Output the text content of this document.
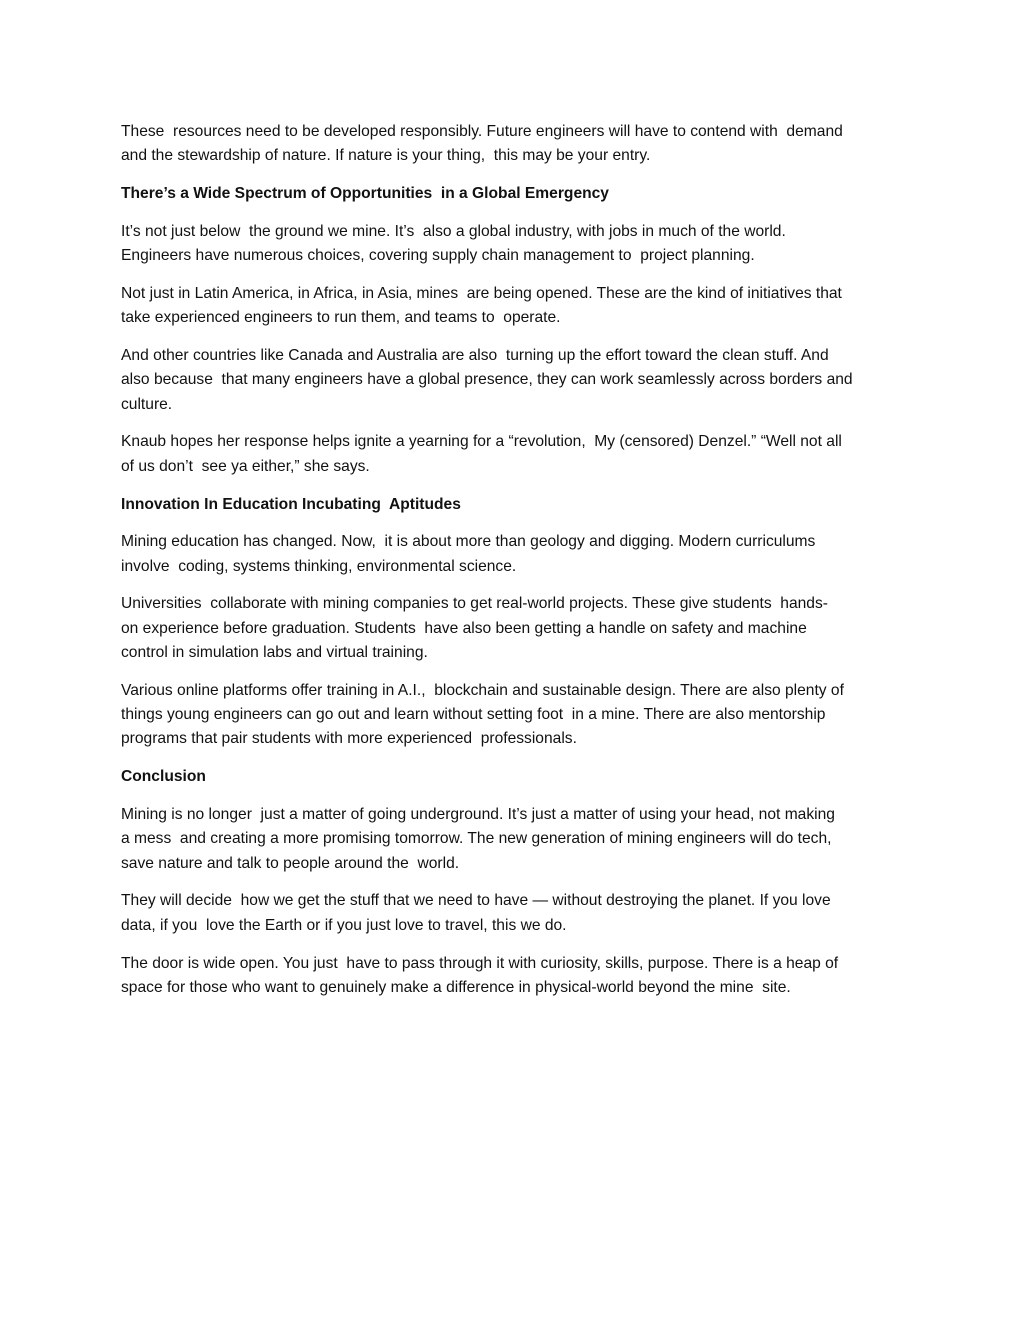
These  resources need to be developed responsibly. Future engineers will have to contend with  demand
and the stewardship of nature. If nature is your thing,  this may be your entry.

There’s a Wide Spectrum of Opportunities  in a Global Emergency

It’s not just below  the ground we mine. It’s  also a global industry, with jobs in much of the world.
Engineers have numerous choices, covering supply chain management to  project planning.

Not just in Latin America, in Africa, in Asia, mines  are being opened. These are the kind of initiatives that
take experienced engineers to run them, and teams to  operate.

And other countries like Canada and Australia are also  turning up the effort toward the clean stuff. And
also because  that many engineers have a global presence, they can work seamlessly across borders and
culture.

Knaub hopes her response helps ignite a yearning for a “revolution,  My (censored) Denzel.” “Well not all
of us don’t  see ya either,” she says.

Innovation In Education Incubating  Aptitudes

Mining education has changed. Now,  it is about more than geology and digging. Modern curriculums
involve  coding, systems thinking, environmental science.

Universities  collaborate with mining companies to get real-world projects. These give students  hands-
on experience before graduation. Students  have also been getting a handle on safety and machine
control in simulation labs and virtual training.

Various online platforms offer training in A.I.,  blockchain and sustainable design. There are also plenty of
things young engineers can go out and learn without setting foot  in a mine. There are also mentorship
programs that pair students with more experienced  professionals.

Conclusion

Mining is no longer  just a matter of going underground. It’s just a matter of using your head, not making
a mess  and creating a more promising tomorrow. The new generation of mining engineers will do tech,
save nature and talk to people around the  world.

They will decide  how we get the stuff that we need to have — without destroying the planet. If you love
data, if you  love the Earth or if you just love to travel, this we do.

The door is wide open. You just  have to pass through it with curiosity, skills, purpose. There is a heap of
space for those who want to genuinely make a difference in physical-world beyond the mine  site.
